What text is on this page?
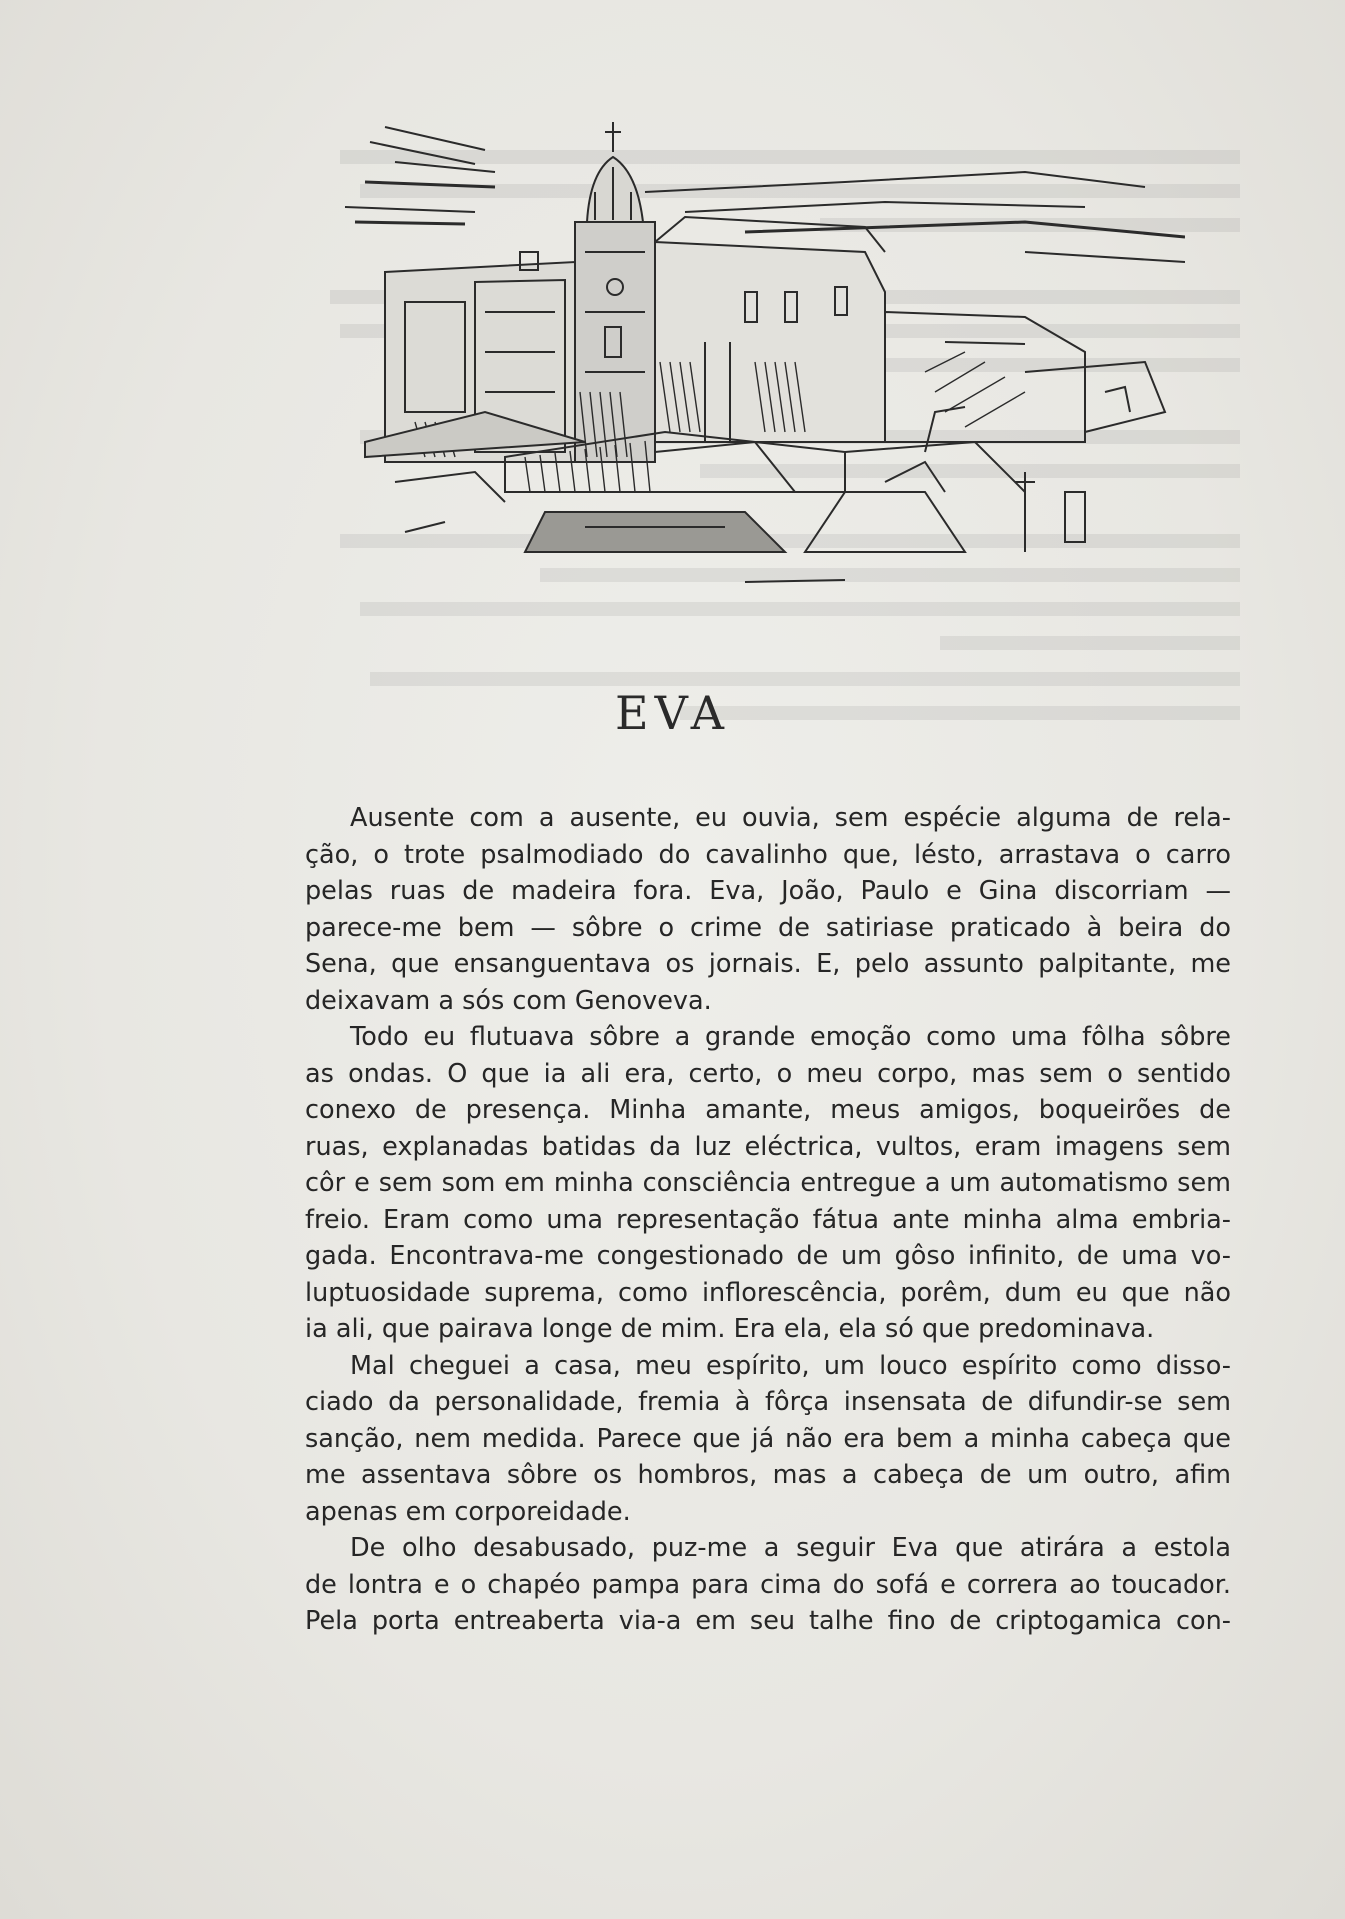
EVA
Ausente com a ausente, eu ouvia, sem espécie alguma de rela-
ção, o trote psalmodiado do cavalinho que, lésto, arrastava o carro
pelas ruas de madeira fora. Eva, João, Paulo e Gina discorriam —
parece-me bem — sôbre o crime de satiriase praticado à beira do
Sena, que ensanguentava os jornais. E, pelo assunto palpitante, me
deixavam a sós com Genoveva.
Todo eu flutuava sôbre a grande emoção como uma fôlha sôbre
as ondas. O que ia ali era, certo, o meu corpo, mas sem o sentido
conexo de presença. Minha amante, meus amigos, boqueirões de
ruas, explanadas batidas da luz eléctrica, vultos, eram imagens sem
côr e sem som em minha consciência entregue a um automatismo sem
freio. Eram como uma representação fátua ante minha alma embria-
gada. Encontrava-me congestionado de um gôso infinito, de uma vo-
luptuosidade suprema, como inflorescência, porêm, dum eu que não
ia ali, que pairava longe de mim. Era ela, ela só que predominava.
Mal cheguei a casa, meu espírito, um louco espírito como disso-
ciado da personalidade, fremia à fôrça insensata de difundir-se sem
sanção, nem medida. Parece que já não era bem a minha cabeça que
me assentava sôbre os hombros, mas a cabeça de um outro, afim
apenas em corporeidade.
De olho desabusado, puz-me a seguir Eva que atirára a estola
de lontra e o chapéo pampa para cima do sofá e correra ao toucador.
Pela porta entreaberta via-a em seu talhe fino de criptogamica con-
